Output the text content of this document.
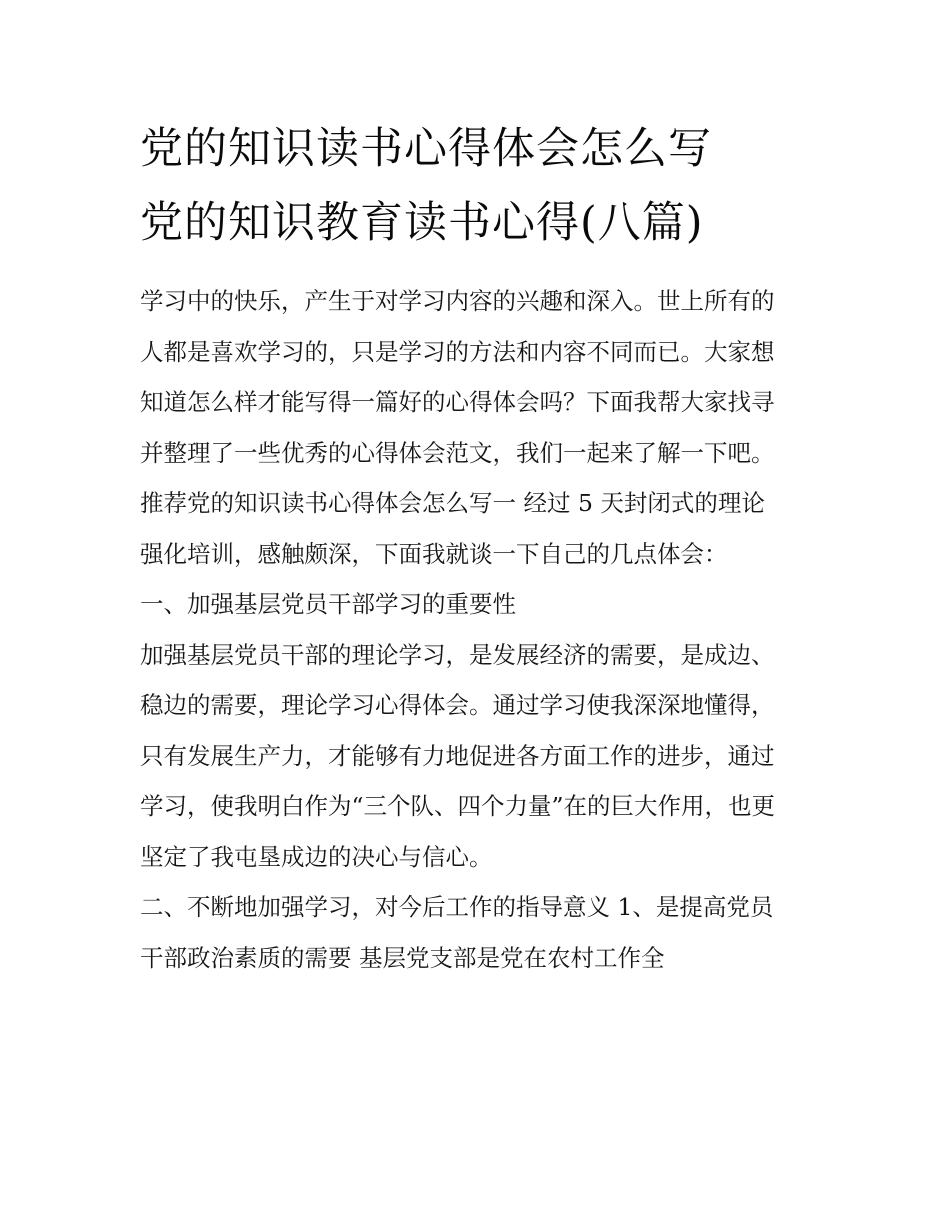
党的知识读书心得体会怎么写
党的知识教育读书心得(八篇)
学习中的快乐，产生于对学习内容的兴趣和深入。世上所有的
人都是喜欢学习的，只是学习的方法和内容不同而已。大家想
知道怎么样才能写得一篇好的心得体会吗？下面我帮大家找寻
并整理了一些优秀的心得体会范文，我们一起来了解一下吧。
推荐党的知识读书心得体会怎么写一 经过 5 天封闭式的理论
强化培训，感触颇深，下面我就谈一下自己的几点体会：
一、加强基层党员干部学习的重要性
加强基层党员干部的理论学习，是发展经济的需要，是成边、
稳边的需要，理论学习心得体会。通过学习使我深深地懂得，
只有发展生产力，才能够有力地促进各方面工作的进步，通过
学习，使我明白作为“三个队、四个力量”在的巨大作用，也更
坚定了我屯垦成边的决心与信心。
二、不断地加强学习，对今后工作的指导意义 1、是提高党员
干部政治素质的需要 基层党支部是党在农村工作全
